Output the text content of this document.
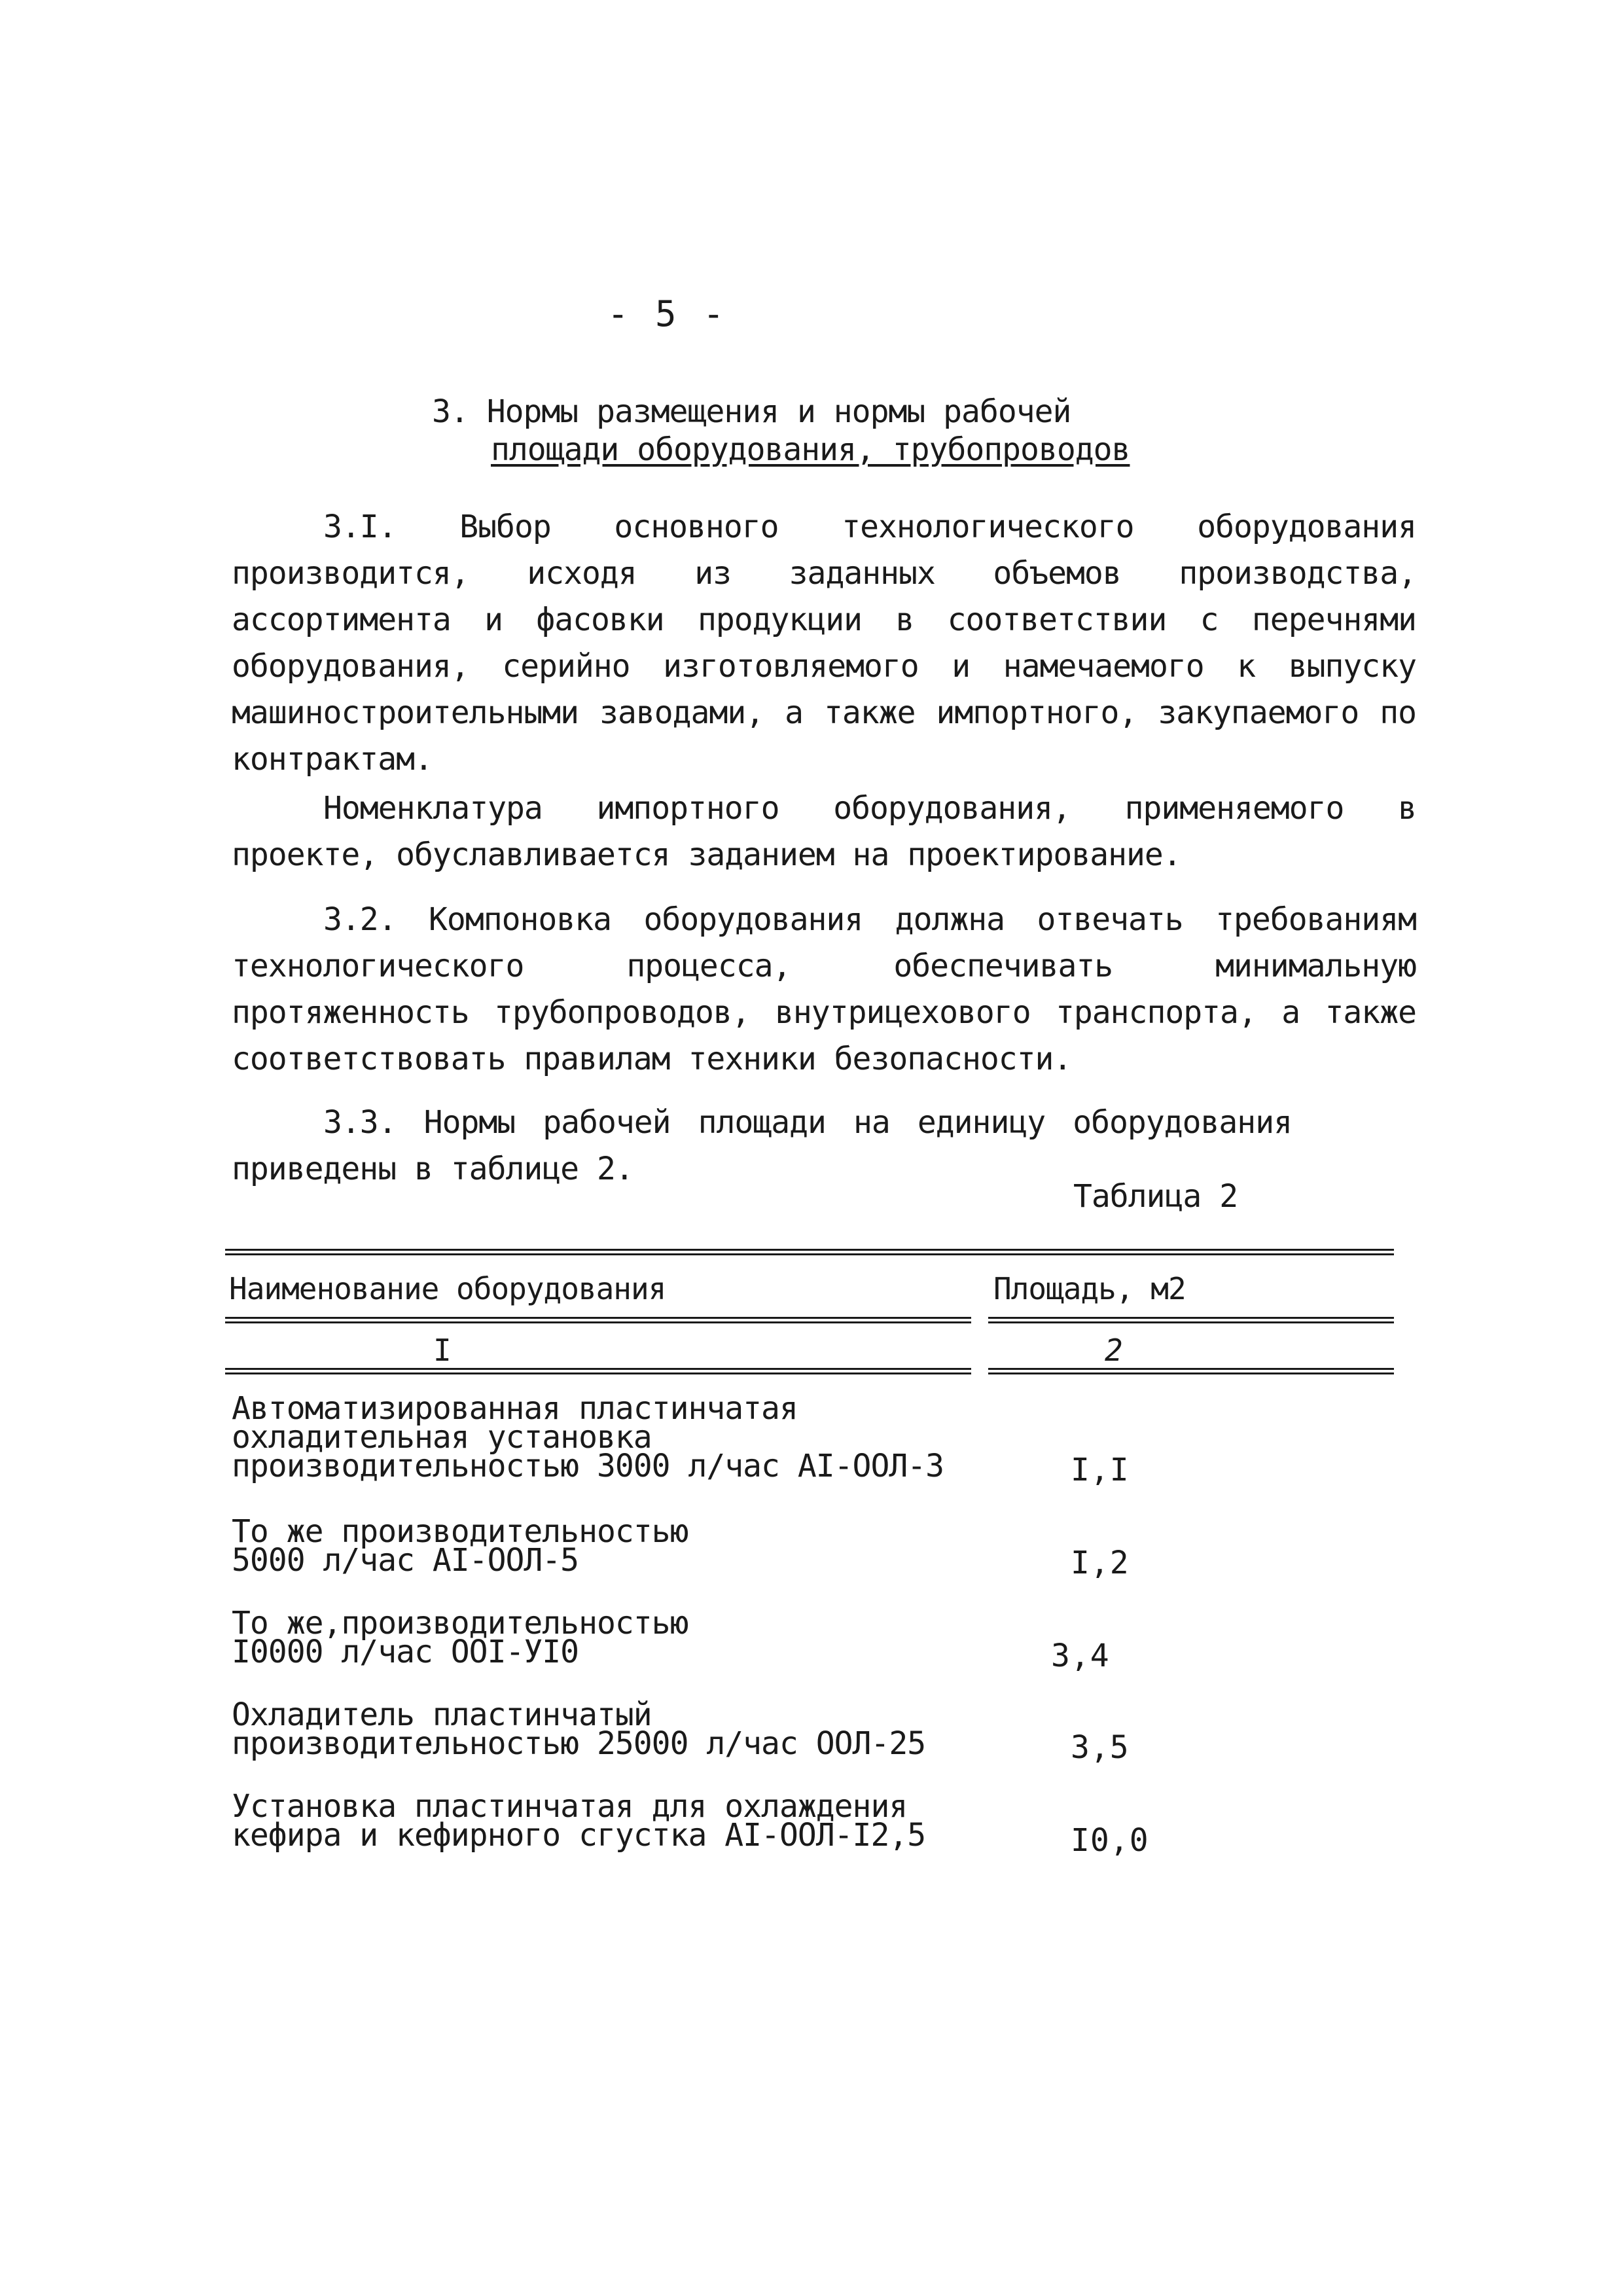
- 5 -
3. Нормы размещения и нормы рабочей
площади оборудования, трубопроводов

3.I. Выбор основного технологического оборудования производится, исходя из заданных объемов производства, ассортимента и фасовки продукции в соответствии с перечнями оборудования, серийно изготовляемого и намечаемого к выпуску машиностроительными заводами, а также импортного, закупаемого по контрактам.

Номенклатура импортного оборудования, применяемого в проекте, обуславливается заданием на проектирование.

3.2. Компоновка оборудования должна отвечать требованиям технологического процесса, обеспечивать минимальную протяженность трубопроводов, внутрицехового транспорта, а также соответствовать правилам техники безопасности.

3.3. Нормы рабочей площади на единицу оборудования приведены в таблице 2.

Таблица 2
Наименование оборудования	Площадь, м2
I	2
Автоматизированная пластинчатая
охладительная установка производительностью 3000 л/час АI-ООЛ-3	I,I
То же производительностью
5000 л/час АI-ООЛ-5	I,2
То же,производительностью
I0000 л/час ООI-УI0	3,4
Охладитель пластинчатый производительностью 25000 л/час ООЛ-25	3,5
Установка пластинчатая для охлаждения
кефира и кефирного сгустка АI-ООЛ-I2,5	I0,0
